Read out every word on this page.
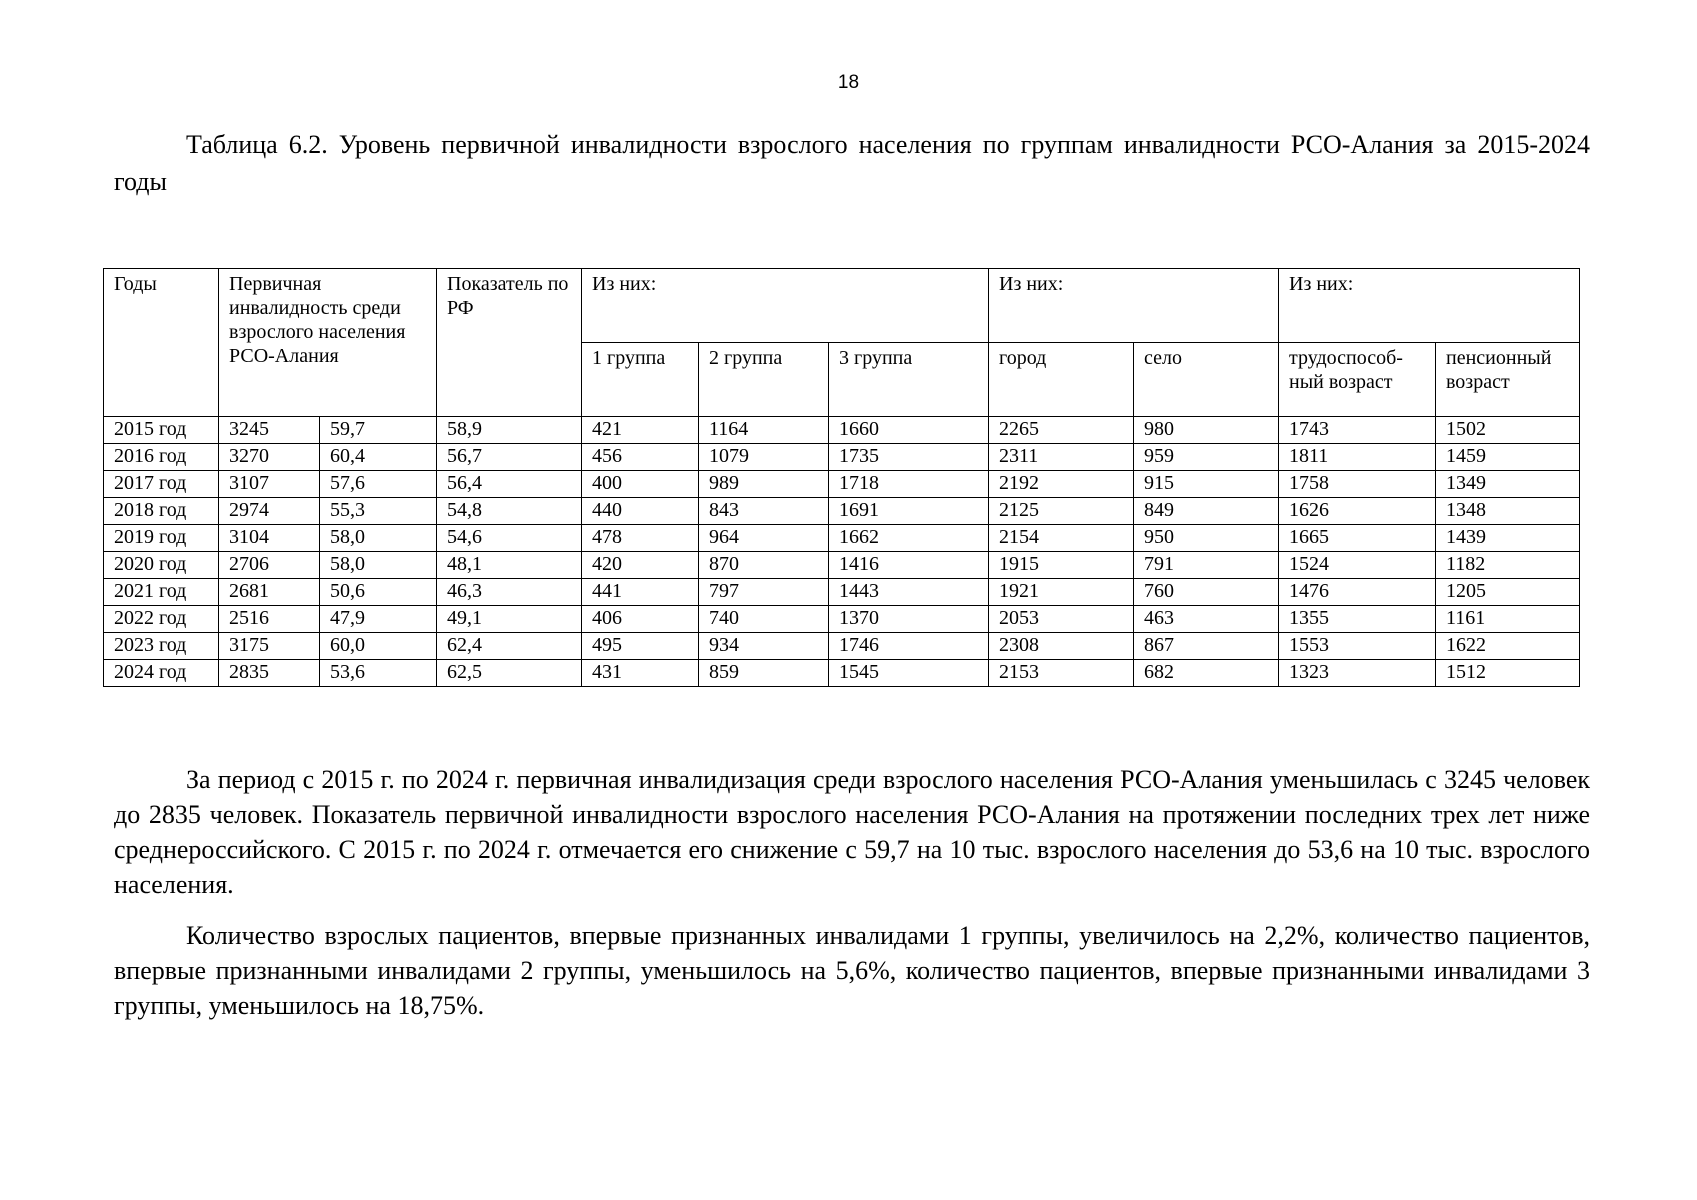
18
Таблица 6.2. Уровень первичной инвалидности взрослого населения по группам инвалидности РСО-Алания за 2015-2024 годы
Годы	Первичная инвалидность среди взрослого населения РСО-Алания		Показатель по РФ	Из них:			Из них:		Из них:	
				1 группа	2 группа	3 группа	город	село	трудоспособ-ный возраст	пенсионный возраст
2015 год	3245	59,7	58,9	421	1164	1660	2265	980	1743	1502
2016 год	3270	60,4	56,7	456	1079	1735	2311	959	1811	1459
2017 год	3107	57,6	56,4	400	989	1718	2192	915	1758	1349
2018 год	2974	55,3	54,8	440	843	1691	2125	849	1626	1348
2019 год	3104	58,0	54,6	478	964	1662	2154	950	1665	1439
2020 год	2706	58,0	48,1	420	870	1416	1915	791	1524	1182
2021 год	2681	50,6	46,3	441	797	1443	1921	760	1476	1205
2022 год	2516	47,9	49,1	406	740	1370	2053	463	1355	1161
2023 год	3175	60,0	62,4	495	934	1746	2308	867	1553	1622
2024 год	2835	53,6	62,5	431	859	1545	2153	682	1323	1512

За период с 2015 г. по 2024 г. первичная инвалидизация среди взрослого населения РСО-Алания уменьшилась с 3245 человек до 2835 человек. Показатель первичной инвалидности взрослого населения РСО-Алания на протяжении последних трех лет ниже среднероссийского. С 2015 г. по 2024 г. отмечается его снижение с 59,7 на 10 тыс. взрослого населения до 53,6 на 10 тыс. взрослого населения.

Количество взрослых пациентов, впервые признанных инвалидами 1 группы, увеличилось на 2,2%, количество пациентов, впервые признанными инвалидами 2 группы, уменьшилось на 5,6%, количество пациентов, впервые признанными инвалидами 3 группы, уменьшилось на 18,75%.
